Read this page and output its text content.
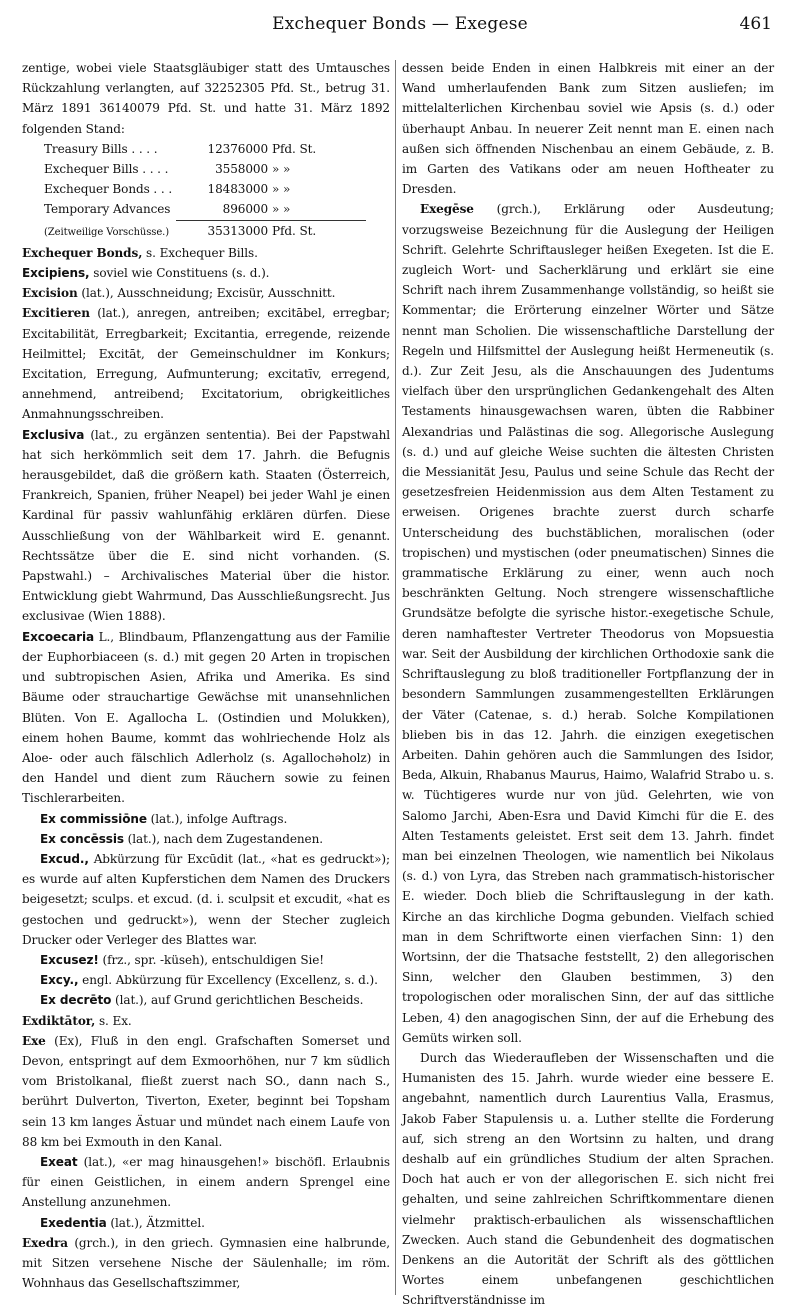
Exchequer Bonds — Exegese	461

zentige, wobei viele Staatsgläubiger statt des Umtausches Rückzahlung verlangten, auf 32252305 Pfd. St., betrug 31. März 1891 36140079 Pfd. St. und hatte 31. März 1892 folgenden Stand:

Treasury Bills . . . .	12376000	Pfd. St.
Exchequer Bills . . . .	3558000	» »
Exchequer Bonds . . .	18483000	» »
Temporary Advances	896000	» »
(Zeitweilige Vorschüsse.)	35313000	Pfd. St.

Exchequer Bonds, s. Exchequer Bills.

Excipiens, soviel wie Constituens (s. d.).

Excision (lat.), Ausschneidung; Excisür, Ausschnitt.

Excitieren (lat.), anregen, antreiben; excitābel, erregbar; Excitabilität, Erregbarkeit; Excitantia, erregende, reizende Heilmittel; Excitāt, der Gemeinschuldner im Konkurs; Excitation, Erregung, Aufmunterung; excitatīv, erregend, annehmend, antreibend; Excitatorium, obrigkeitliches Anmahnungsschreiben.

Exclusiva (lat., zu ergänzen sententia). Bei der Papstwahl hat sich herkömmlich seit dem 17. Jahrh. die Befugnis herausgebildet, daß die größern kath. Staaten (Österreich, Frankreich, Spanien, früher Neapel) bei jeder Wahl je einen Kardinal für passiv wahlunfähig erklären dürfen. Diese Ausschließung von der Wählbarkeit wird E. genannt. Rechtssätze über die E. sind nicht vorhanden. (S. Papstwahl.) – Archivalisches Material über die histor. Entwicklung giebt Wahrmund, Das Ausschließungsrecht. Jus exclusivae (Wien 1888).

Excoecaria L., Blindbaum, Pflanzengattung aus der Familie der Euphorbiaceen (s. d.) mit gegen 20 Arten in tropischen und subtropischen Asien, Afrika und Amerika. Es sind Bäume oder strauchartige Gewächse mit unansehnlichen Blüten. Von E. Agallocha L. (Ostindien und Molukken), einem hohen Baume, kommt das wohlriechende Holz als Aloe- oder auch fälschlich Adlerholz (s. Agallochəholz) in den Handel und dient zum Räuchern sowie zu feinen Tischlerarbeiten.

Ex commissiōne (lat.), infolge Auftrags.

Ex concēssis (lat.), nach dem Zugestandenen.

Excud., Abkürzung für Excūdit (lat., «hat es gedruckt»); es wurde auf alten Kupferstichen dem Namen des Druckers beigesetzt; sculps. et excud. (d. i. sculpsit et excudit, «hat es gestochen und gedruckt»), wenn der Stecher zugleich Drucker oder Verleger des Blattes war.

Excusez! (frz., spr. -küseh), entschuldigen Sie!

Excy., engl. Abkürzung für Excellency (Excellenz, s. d.).

Ex decrēto (lat.), auf Grund gerichtlichen Bescheids.

Exdiktātor, s. Ex.

Exe (Ex), Fluß in den engl. Grafschaften Somerset und Devon, entspringt auf dem Exmoorhöhen, nur 7 km südlich vom Bristolkanal, fließt zuerst nach SO., dann nach S., berührt Dulverton, Tiverton, Exeter, beginnt bei Topsham sein 13 km langes Ästuar und mündet nach einem Laufe von 88 km bei Exmouth in den Kanal.

Exeat (lat.), «er mag hinausgehen!» bischöfl. Erlaubnis für einen Geistlichen, in einem andern Sprengel eine Anstellung anzunehmen.

Exedentia (lat.), Ätzmittel.

Exedra (grch.), in den griech. Gymnasien eine halbrunde, mit Sitzen versehene Nische der Säulenhalle; im röm. Wohnhaus das Gesellschaftszimmer,

dessen beide Enden in einen Halbkreis mit einer an der Wand umherlaufenden Bank zum Sitzen ausliefen; im mittelalterlichen Kirchenbau soviel wie Apsis (s. d.) oder überhaupt Anbau. In neuerer Zeit nennt man E. einen nach außen sich öffnenden Nischenbau an einem Gebäude, z. B. im Garten des Vatikans oder am neuen Hoftheater zu Dresden.

Exegēse (grch.), Erklärung oder Ausdeutung; vorzugsweise Bezeichnung für die Auslegung der Heiligen Schrift. Gelehrte Schriftausleger heißen Exegeten. Ist die E. zugleich Wort- und Sacherklärung und erklärt sie eine Schrift nach ihrem Zusammenhange vollständig, so heißt sie Kommentar; die Erörterung einzelner Wörter und Sätze nennt man Scholien. Die wissenschaftliche Darstellung der Regeln und Hilfsmittel der Auslegung heißt Hermeneutik (s. d.). Zur Zeit Jesu, als die Anschauungen des Judentums vielfach über den ursprünglichen Gedankengehalt des Alten Testaments hinausgewachsen waren, übten die Rabbiner Alexandrias und Palästinas die sog. Allegorische Auslegung (s. d.) und auf gleiche Weise suchten die ältesten Christen die Messianität Jesu, Paulus und seine Schule das Recht der gesetzesfreien Heidenmission aus dem Alten Testament zu erweisen. Origenes brachte zuerst durch scharfe Unterscheidung des buchstäblichen, moralischen (oder tropischen) und mystischen (oder pneumatischen) Sinnes die grammatische Erklärung zu einer, wenn auch noch beschränkten Geltung. Noch strengere wissenschaftliche Grundsätze befolgte die syrische histor.-exegetische Schule, deren namhaftester Vertreter Theodorus von Mopsuestia war. Seit der Ausbildung der kirchlichen Orthodoxie sank die Schriftauslegung zu bloß traditioneller Fortpflanzung der in besondern Sammlungen zusammengestellten Erklärungen der Väter (Catenae, s. d.) herab. Solche Kompilationen blieben bis in das 12. Jahrh. die einzigen exegetischen Arbeiten. Dahin gehören auch die Sammlungen des Isidor, Beda, Alkuin, Rhabanus Maurus, Haimo, Walafrid Strabo u. s. w. Tüchtigeres wurde nur von jüd. Gelehrten, wie von Salomo Jarchi, Aben-Esra und David Kimchi für die E. des Alten Testaments geleistet. Erst seit dem 13. Jahrh. findet man bei einzelnen Theologen, wie namentlich bei Nikolaus (s. d.) von Lyra, das Streben nach grammatisch-historischer E. wieder. Doch blieb die Schriftauslegung in der kath. Kirche an das kirchliche Dogma gebunden. Vielfach schied man in dem Schriftworte einen vierfachen Sinn: 1) den Wortsinn, der die Thatsache feststellt, 2) den allegorischen Sinn, welcher den Glauben bestimmen, 3) den tropologischen oder moralischen Sinn, der auf das sittliche Leben, 4) den anagogischen Sinn, der auf die Erhebung des Gemüts wirken soll.

Durch das Wiederaufleben der Wissenschaften und die Humanisten des 15. Jahrh. wurde wieder eine bessere E. angebahnt, namentlich durch Laurentius Valla, Erasmus, Jakob Faber Stapulensis u. a. Luther stellte die Forderung auf, sich streng an den Wortsinn zu halten, und drang deshalb auf ein gründliches Studium der alten Sprachen. Doch hat auch er von der allegorischen E. sich nicht frei gehalten, und seine zahlreichen Schriftkommentare dienen vielmehr praktisch-erbaulichen als wissenschaftlichen Zwecken. Auch stand die Gebundenheit des dogmatischen Denkens an die Autorität der Schrift als des göttlichen Wortes einem unbefangenen geschichtlichen Schriftverständnisse im
